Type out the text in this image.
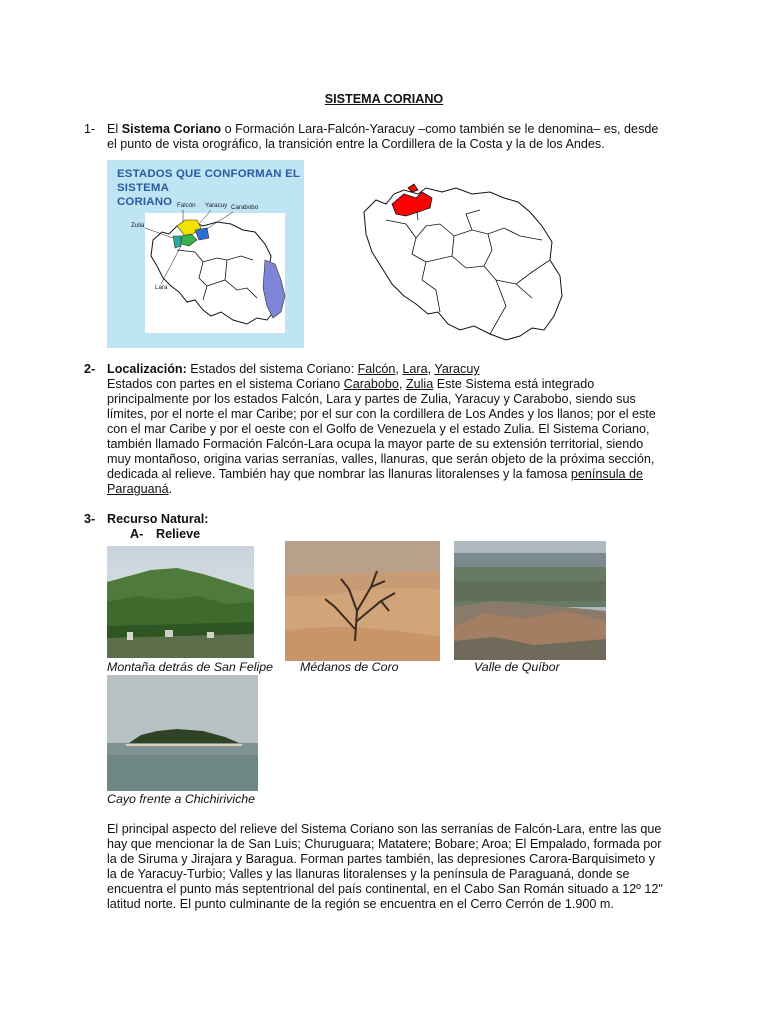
SISTEMA CORIANO
1- El Sistema Coriano o Formación Lara-Falcón-Yaracuy –como también se le denomina– es, desde
el punto de vista orográfico, la transición entre la Cordillera de la Costa y la de los Andes.
ESTADOS QUE CONFORMAN EL SISTEMA
CORIANO Falcón Yaracuy Carabobo
Zulia
Lara
2- Localización: Estados del sistema Coriano: Falcón, Lara, Yaracuy
Estados con partes en el sistema Coriano Carabobo, Zulia Este Sistema está integrado
principalmente por los estados Falcón, Lara y partes de Zulia, Yaracuy y Carabobo, siendo sus
límites, por el norte el mar Caribe; por el sur con la cordillera de Los Andes y los llanos; por el este
con el mar Caribe y por el oeste con el Golfo de Venezuela y el estado Zulia. El Sistema Coriano,
también llamado Formación Falcón-Lara ocupa la mayor parte de su extensión territorial, siendo
muy montañoso, origina varias serranías, valles, llanuras, que serán objeto de la próxima sección,
dedicada al relieve. También hay que nombrar las llanuras litoralenses y la famosa península de
Paraguaná.
3- Recurso Natural:
A- Relieve
Montaña detrás de San Felipe Médanos de Coro	Valle de Quíbor
Cayo frente a Chichiriviche
El principal aspecto del relieve del Sistema Coriano son las serranías de Falcón-Lara, entre las que
hay que mencionar la de San Luis; Churuguara; Matatere; Bobare; Aroa; El Empalado, formada por
la de Siruma y Jirajara y Baragua. Forman partes también, las depresiones Carora-Barquisimeto y
la de Yaracuy-Turbio; Valles y las llanuras litoralenses y la península de Paraguaná, donde se
encuentra el punto más septentrional del país continental, en el Cabo San Román situado a 12º 12"
latitud norte. El punto culminante de la región se encuentra en el Cerro Cerrón de 1.900 m.
